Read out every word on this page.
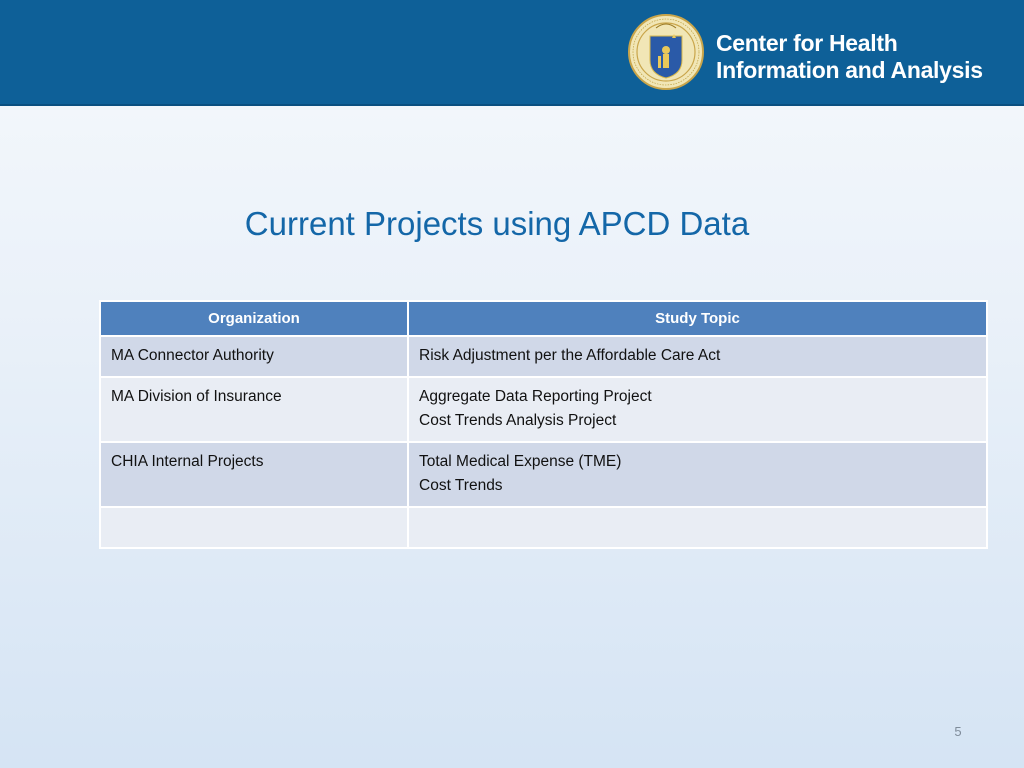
Center for Health
Information and Analysis
Current Projects using APCD Data
Organization	Study Topic
MA Connector Authority	Risk Adjustment per the Affordable Care Act

MA Division of Insurance	Aggregate Data Reporting Project
Cost Trends Analysis Project

CHIA Internal Projects	Total Medical Expense (TME)
Cost Trends

5
